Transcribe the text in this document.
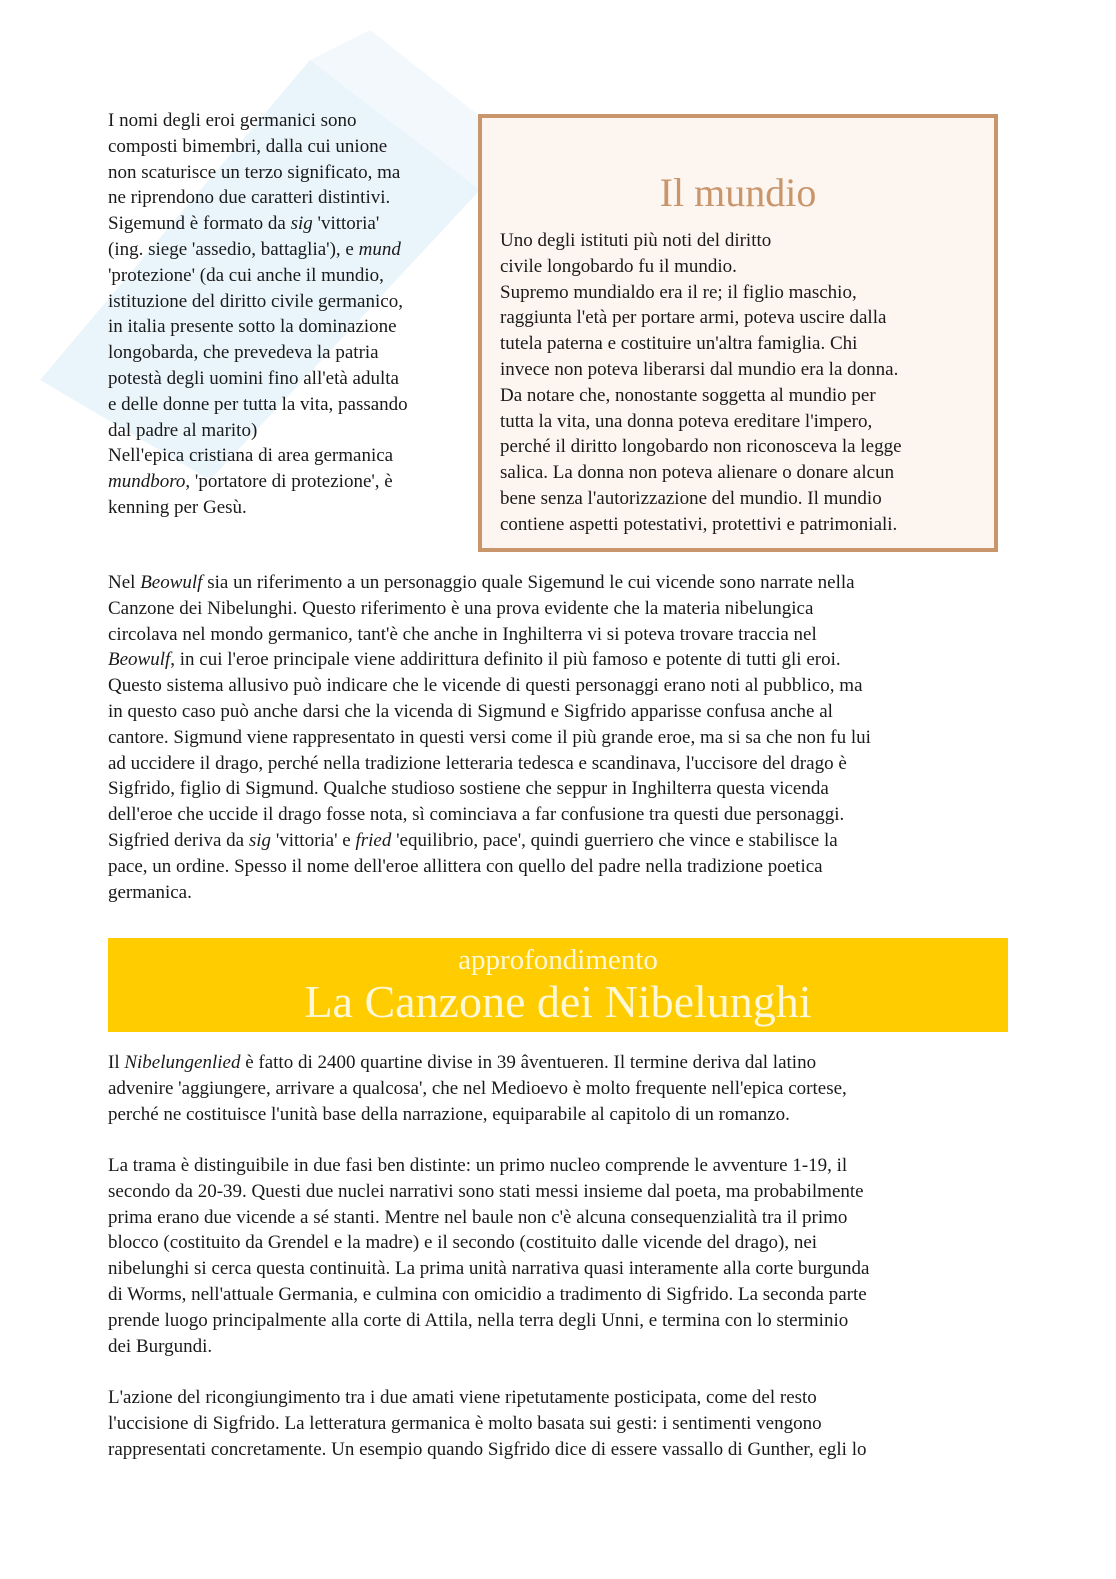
I nomi degli eroi germanici sono
composti bimembri, dalla cui unione
non scaturisce un terzo significato, ma
ne riprendono due caratteri distintivi.
Sigemund è formato da sig 'vittoria'
(ing. siege 'assedio, battaglia'), e mund
'protezione' (da cui anche il mundio,
istituzione del diritto civile germanico,
in italia presente sotto la dominazione
longobarda, che prevedeva la patria
potestà degli uomini fino all'età adulta
e delle donne per tutta la vita, passando
dal padre al marito)
Nell'epica cristiana di area germanica
mundboro, 'portatore di protezione', è
kenning per Gesù.
Il mundio
Uno degli istituti più noti del diritto
civile longobardo fu il mundio.
Supremo mundialdo era il re; il figlio maschio,
raggiunta l'età per portare armi, poteva uscire dalla
tutela paterna e costituire un'altra famiglia. Chi
invece non poteva liberarsi dal mundio era la donna.
Da notare che, nonostante soggetta al mundio per
tutta la vita, una donna poteva ereditare l'impero,
perché il diritto longobardo non riconosceva la legge
salica. La donna non poteva alienare o donare alcun
bene senza l'autorizzazione del mundio. Il mundio
contiene aspetti potestativi, protettivi e patrimoniali.
Nel Beowulf sia un riferimento a un personaggio quale Sigemund le cui vicende sono narrate nella
Canzone dei Nibelunghi. Questo riferimento è una prova evidente che la materia nibelungica
circolava nel mondo germanico, tant'è che anche in Inghilterra vi si poteva trovare traccia nel
Beowulf, in cui l'eroe principale viene addirittura definito il più famoso e potente di tutti gli eroi.
Questo sistema allusivo può indicare che le vicende di questi personaggi erano noti al pubblico, ma
in questo caso può anche darsi che la vicenda di Sigmund e Sigfrido apparisse confusa anche al
cantore. Sigmund viene rappresentato in questi versi come il più grande eroe, ma si sa che non fu lui
ad uccidere il drago, perché nella tradizione letteraria tedesca e scandinava, l'uccisore del drago è
Sigfrido, figlio di Sigmund. Qualche studioso sostiene che seppur in Inghilterra questa vicenda
dell'eroe che uccide il drago fosse nota, sì cominciava a far confusione tra questi due personaggi.
Sigfried deriva da sig 'vittoria' e fried 'equilibrio, pace', quindi guerriero che vince e stabilisce la
pace, un ordine. Spesso il nome dell'eroe allittera con quello del padre nella tradizione poetica
germanica.
approfondimento
La Canzone dei Nibelunghi
Il Nibelungenlied è fatto di 2400 quartine divise in 39 âventueren. Il termine deriva dal latino
advenire 'aggiungere, arrivare a qualcosa', che nel Medioevo è molto frequente nell'epica cortese,
perché ne costituisce l'unità base della narrazione, equiparabile al capitolo di un romanzo.
La trama è distinguibile in due fasi ben distinte: un primo nucleo comprende le avventure 1-19, il
secondo da 20-39. Questi due nuclei narrativi sono stati messi insieme dal poeta, ma probabilmente
prima erano due vicende a sé stanti. Mentre nel baule non c'è alcuna consequenzialità tra il primo
blocco (costituito da Grendel e la madre) e il secondo (costituito dalle vicende del drago), nei
nibelunghi si cerca questa continuità. La prima unità narrativa quasi interamente alla corte burgunda
di Worms, nell'attuale Germania, e culmina con omicidio a tradimento di Sigfrido. La seconda parte
prende luogo principalmente alla corte di Attila, nella terra degli Unni, e termina con lo sterminio
dei Burgundi.
L'azione del ricongiungimento tra i due amati viene ripetutamente posticipata, come del resto
l'uccisione di Sigfrido. La letteratura germanica è molto basata sui gesti: i sentimenti vengono
rappresentati concretamente. Un esempio quando Sigfrido dice di essere vassallo di Gunther, egli lo
